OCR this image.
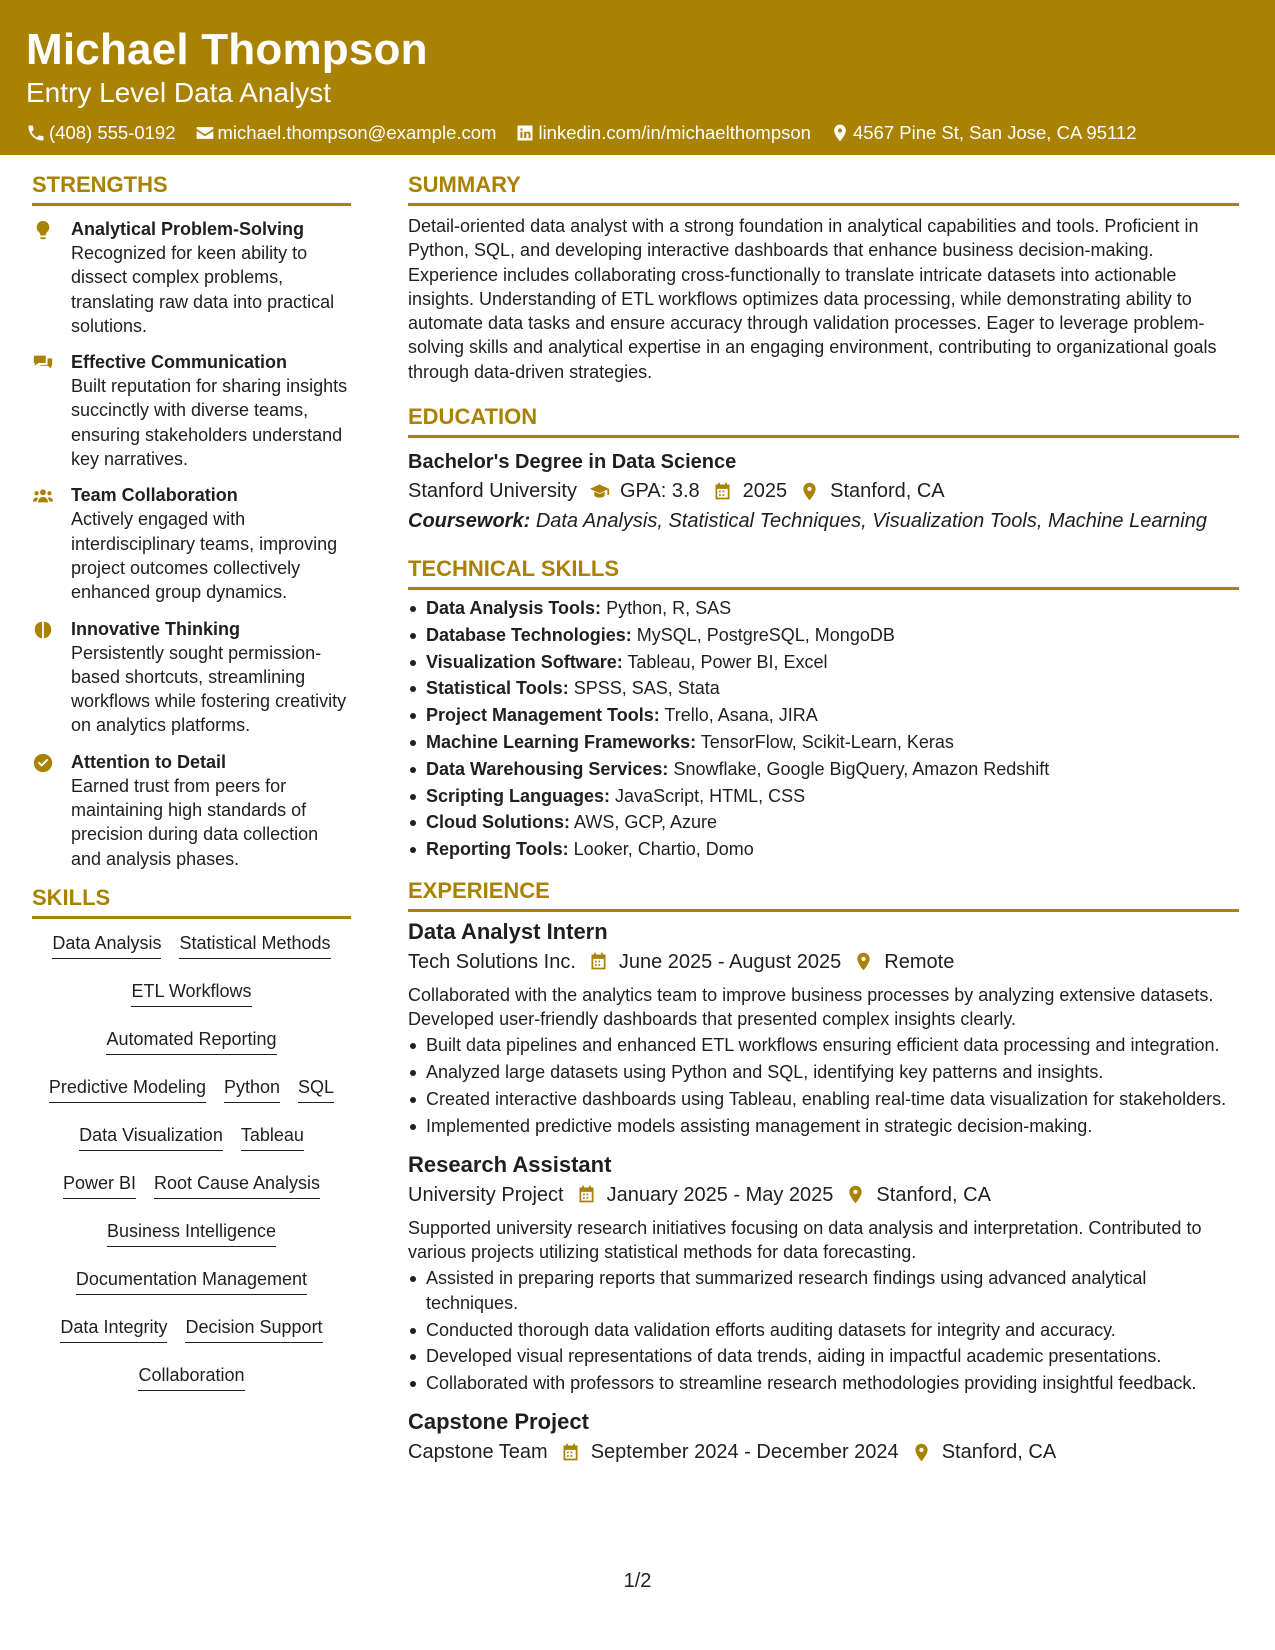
Michael Thompson
Entry Level Data Analyst
(408) 555-0192 michael.thompson@example.com linkedin.com/in/michaelthompson 4567 Pine St, San Jose, CA 95112
STRENGTHS
Analytical Problem-Solving
Recognized for keen ability to dissect complex problems, translating raw data into practical solutions.
Effective Communication
Built reputation for sharing insights succinctly with diverse teams, ensuring stakeholders understand key narratives.
Team Collaboration
Actively engaged with interdisciplinary teams, improving project outcomes collectively enhanced group dynamics.
Innovative Thinking
Persistently sought permission-based shortcuts, streamlining workflows while fostering creativity on analytics platforms.
Attention to Detail
Earned trust from peers for maintaining high standards of precision during data collection and analysis phases.
SKILLS
Data Analysis Statistical Methods
ETL Workflows
Automated Reporting
Predictive Modeling Python SQL
Data Visualization Tableau
Power BI Root Cause Analysis
Business Intelligence
Documentation Management
Data Integrity Decision Support
Collaboration
SUMMARY
Detail-oriented data analyst with a strong foundation in analytical capabilities and tools. Proficient in Python, SQL, and developing interactive dashboards that enhance business decision-making. Experience includes collaborating cross-functionally to translate intricate datasets into actionable insights. Understanding of ETL workflows optimizes data processing, while demonstrating ability to automate data tasks and ensure accuracy through validation processes. Eager to leverage problem-solving skills and analytical expertise in an engaging environment, contributing to organizational goals through data-driven strategies.
EDUCATION
Bachelor's Degree in Data Science
Stanford University GPA: 3.8 2025 Stanford, CA
Coursework: Data Analysis, Statistical Techniques, Visualization Tools, Machine Learning
TECHNICAL SKILLS
Data Analysis Tools: Python, R, SAS
Database Technologies: MySQL, PostgreSQL, MongoDB
Visualization Software: Tableau, Power BI, Excel
Statistical Tools: SPSS, SAS, Stata
Project Management Tools: Trello, Asana, JIRA
Machine Learning Frameworks: TensorFlow, Scikit-Learn, Keras
Data Warehousing Services: Snowflake, Google BigQuery, Amazon Redshift
Scripting Languages: JavaScript, HTML, CSS
Cloud Solutions: AWS, GCP, Azure
Reporting Tools: Looker, Chartio, Domo
EXPERIENCE
Data Analyst Intern
Tech Solutions Inc. June 2025 - August 2025 Remote
Collaborated with the analytics team to improve business processes by analyzing extensive datasets. Developed user-friendly dashboards that presented complex insights clearly.
Built data pipelines and enhanced ETL workflows ensuring efficient data processing and integration.
Analyzed large datasets using Python and SQL, identifying key patterns and insights.
Created interactive dashboards using Tableau, enabling real-time data visualization for stakeholders.
Implemented predictive models assisting management in strategic decision-making.
Research Assistant
University Project January 2025 - May 2025 Stanford, CA
Supported university research initiatives focusing on data analysis and interpretation. Contributed to various projects utilizing statistical methods for data forecasting.
Assisted in preparing reports that summarized research findings using advanced analytical techniques.
Conducted thorough data validation efforts auditing datasets for integrity and accuracy.
Developed visual representations of data trends, aiding in impactful academic presentations.
Collaborated with professors to streamline research methodologies providing insightful feedback.
Capstone Project
Capstone Team September 2024 - December 2024 Stanford, CA
1/2
